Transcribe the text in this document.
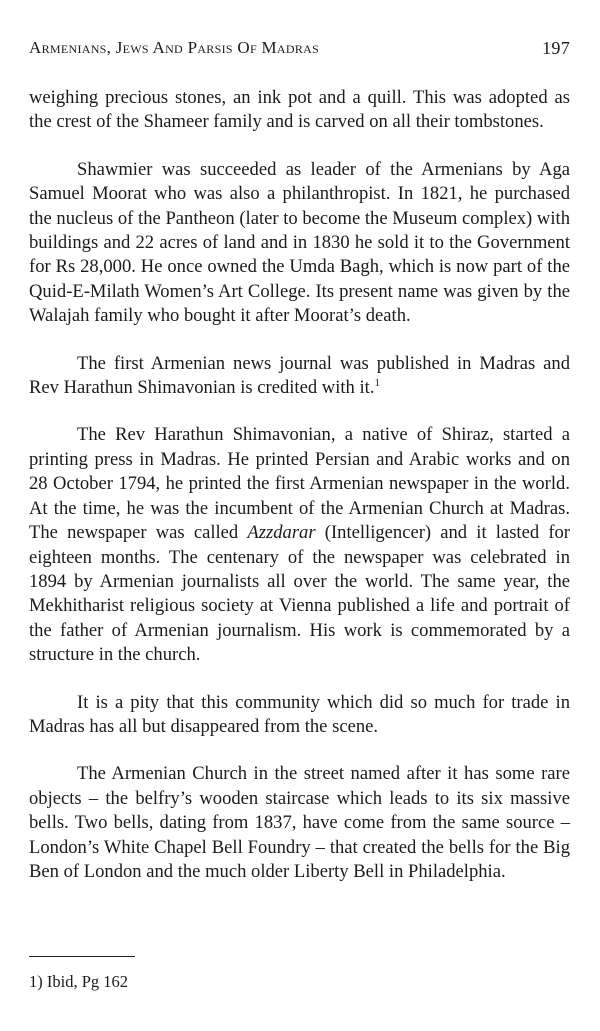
Armenians, Jews And Parsis Of Madras	197

weighing precious stones, an ink pot and a quill. This was adopted as the crest of the Shameer family and is carved on all their tombstones.

Shawmier was succeeded as leader of the Armenians by Aga Samuel Moorat who was also a philanthropist. In 1821, he purchased the nucleus of the Pantheon (later to become the Museum complex) with buildings and 22 acres of land and in 1830 he sold it to the Government for Rs 28,000. He once owned the Umda Bagh, which is now part of the Quid-E-Milath Women’s Art College. Its present name was given by the Walajah family who bought it after Moorat’s death.

The first Armenian news journal was published in Madras and Rev Harathun Shimavonian is credited with it.$^1$

The Rev Harathun Shimavonian, a native of Shiraz, started a printing press in Madras. He printed Persian and Arabic works and on 28 October 1794, he printed the first Armenian newspaper in the world. At the time, he was the incumbent of the Armenian Church at Madras. The newspaper was called Azzdarar (Intelligencer) and it lasted for eighteen months. The centenary of the newspaper was celebrated in 1894 by Armenian journalists all over the world. The same year, the Mekhitharist religious society at Vienna published a life and portrait of the father of Armenian journalism. His work is commemorated by a structure in the church.

It is a pity that this community which did so much for trade in Madras has all but disappeared from the scene.

The Armenian Church in the street named after it has some rare objects – the belfry’s wooden staircase which leads to its six massive bells. Two bells, dating from 1837, have come from the same source – London’s White Chapel Bell Foundry – that created the bells for the Big Ben of London and the much older Liberty Bell in Philadelphia.

1) Ibid, Pg 162
